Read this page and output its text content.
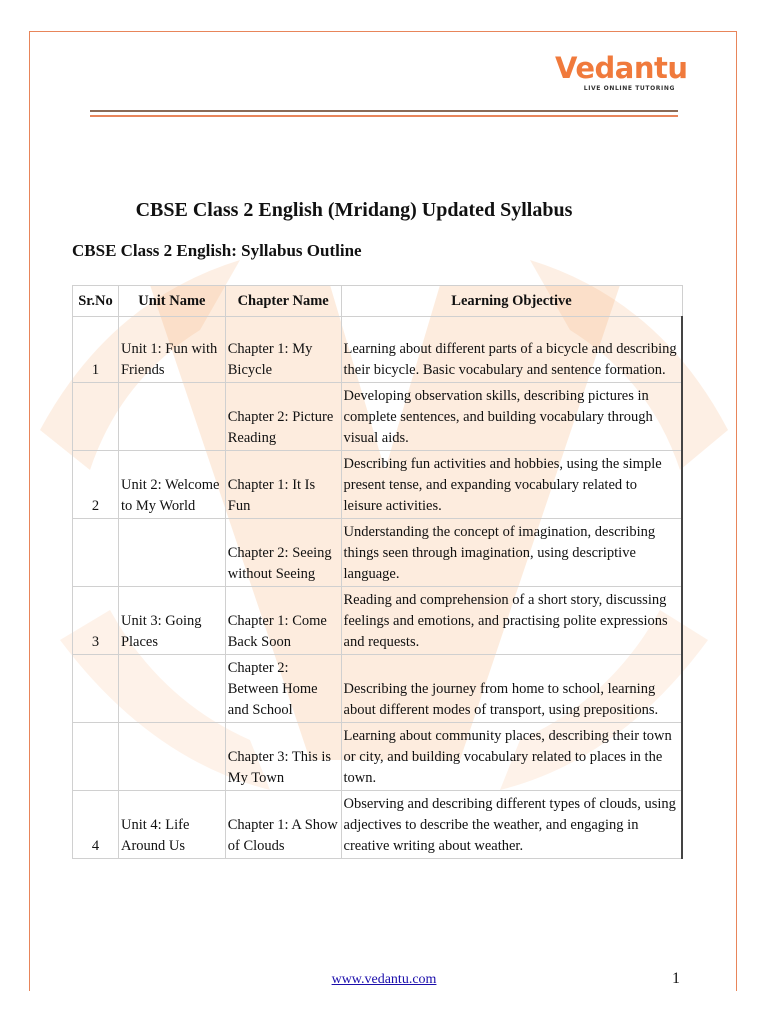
Vedantu
LIVE ONLINE TUTORING
CBSE Class 2 English (Mridang) Updated Syllabus
CBSE Class 2 English: Syllabus Outline
Sr.No	Unit Name	Chapter Name	Learning Objective
1	Unit 1: Fun with Friends	Chapter 1: My Bicycle	Learning about different parts of a bicycle and describing their bicycle. Basic vocabulary and sentence formation.
		Chapter 2: Picture Reading	Developing observation skills, describing pictures in complete sentences, and building vocabulary through visual aids.
2	Unit 2: Welcome to My World	Chapter 1: It Is Fun	Describing fun activities and hobbies, using the simple present tense, and expanding vocabulary related to leisure activities.
		Chapter 2: Seeing without Seeing	Understanding the concept of imagination, describing things seen through imagination, using descriptive language.
3	Unit 3: Going Places	Chapter 1: Come Back Soon	Reading and comprehension of a short story, discussing feelings and emotions, and practising polite expressions and requests.
		Chapter 2: Between Home and School	Describing the journey from home to school, learning about different modes of transport, using prepositions.
		Chapter 3: This is My Town	Learning about community places, describing their town or city, and building vocabulary related to places in the town.
4	Unit 4: Life Around Us	Chapter 1: A Show of Clouds	Observing and describing different types of clouds, using adjectives to describe the weather, and engaging in creative writing about weather.
www.vedantu.com	1
